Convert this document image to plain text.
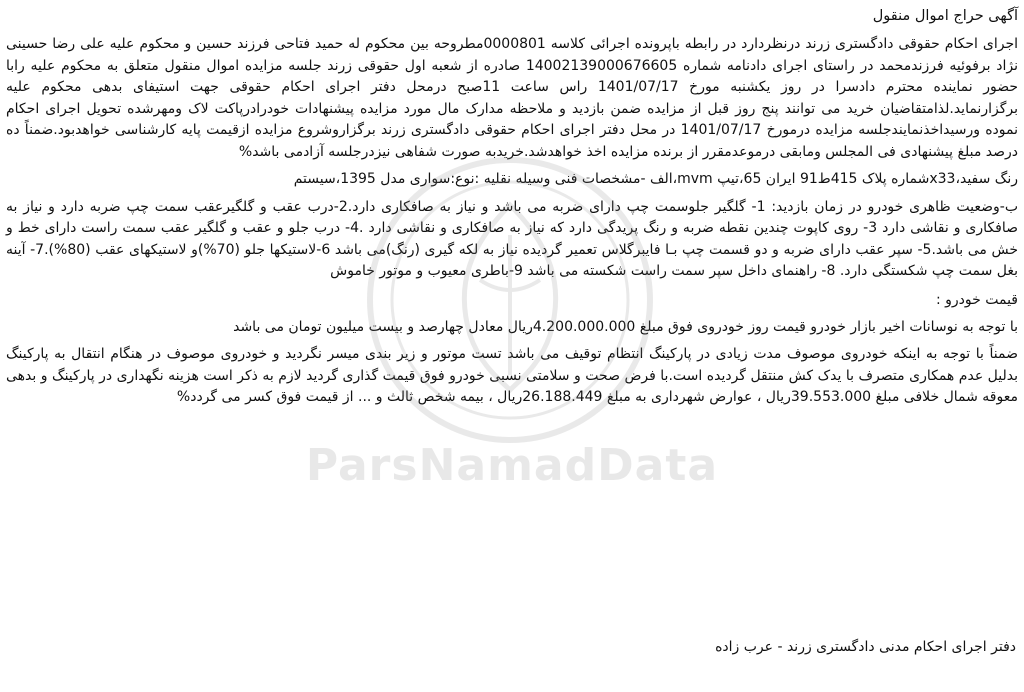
ParsNamadData
آگهی حراج اموال منقول
اجرای احکام حقوقی دادگستری زرند درنظردارد در رابطه باپرونده اجرائی کلاسه 0000801مطروحه بین محکوم له حمید فتاحی فرزند حسین و محکوم علیه علی رضا حسینی نژاد برفوئیه فرزندمحمد در راستای اجرای دادنامه شماره 14002139000676605 صادره از شعبه اول حقوقی زرند جلسه مزایده اموال منقول متعلق به محکوم علیه رابا حضور نماینده محترم دادسرا در روز یکشنبه مورخ 1401/07/17 راس ساعت 11صبح درمحل دفتر اجرای احکام حقوقی جهت استیفای بدهی محکوم علیه برگزارنماید.لذامتقاضیان خرید می توانند پنج روز قبل از مزایده ضمن بازدید و ملاحظه مدارک مال مورد مزایده پیشنهادات خودرادرپاکت لاک ومهرشده تحویل اجرای احکام نموده ورسیداخذنمایندجلسه مزایده درمورخ 1401/07/17 در محل دفتر اجرای احکام حقوقی دادگستری زرند برگزاروشروع مزایده ازقیمت پایه کارشناسی خواهدبود.ضمناً ده درصد مبلغ پیشنهادی فی المجلس ومابقی درموعدمقرر از برنده مزایده اخذ خواهدشد.خریدبه صورت شفاهی نیزدرجلسه آزادمی باشد%
رنگ سفید،x33شماره پلاک 415ط91 ایران 65،تیپ mvm،الف -مشخصات فنی وسیله نقلیه :نوع:سواری مدل 1395،سیستم
ب-وضعیت ظاهری خودرو در زمان بازدید: 1- گلگیر جلوسمت چپ دارای ضربه می باشد و نیاز به صافکاری دارد.2-درب عقب و گلگیرعقب سمت چپ ضربه دارد و نیاز به صافکاری و نقاشی دارد 3- روی کاپوت چندین نقطه ضربه و رنگ پریدگی دارد که نیاز به صافکاری و نقاشی دارد .4- درب جلو و عقب و گلگیر عقب سمت راست دارای خط و خش می باشد.5- سپر عقب دارای ضربه و دو قسمت چپ بـا فایبرگلاس تعمیر گردیده نیاز به لکه گیری (رنگ)می باشد 6-لاستیکها جلو (70%)و لاستیکهای عقب (80%).7- آینه بغل سمت چپ شکستگی دارد. 8- راهنمای داخل سپر سمت راست شکسته می باشد 9-باطری معیوب و موتور خاموش
قیمت خودرو :
با توجه به نوسانات اخیر بازار خودرو قیمت روز خودروی فوق مبلغ 4.200.000.000ریال معادل چهارصد و بیست میلیون تومان می باشد
ضمناً با توجه به اینکه خودروی موصوف مدت زیادی در پارکینگ انتظام توقیف می باشد تست موتور و زیر بندی میسر نگردید و خودروی موصوف در هنگام انتقال به پارکینگ بدلیل عدم همکاری متصرف با یدک کش منتقل گردیده است.با فرض صحت و سلامتی نسبی خودرو فوق قیمت گذاری گردید لازم به ذکر است هزینه نگهداری در پارکینگ و بدهی معوقه شمال خلافی مبلغ 39.553.000ریال ، عوارض شهرداری به مبلغ 26.188.449ریال ، بیمه شخص ثالث و ... از قیمت فوق کسر می گردد%
دفتر اجرای احکام مدنی دادگستری زرند - عرب زاده
